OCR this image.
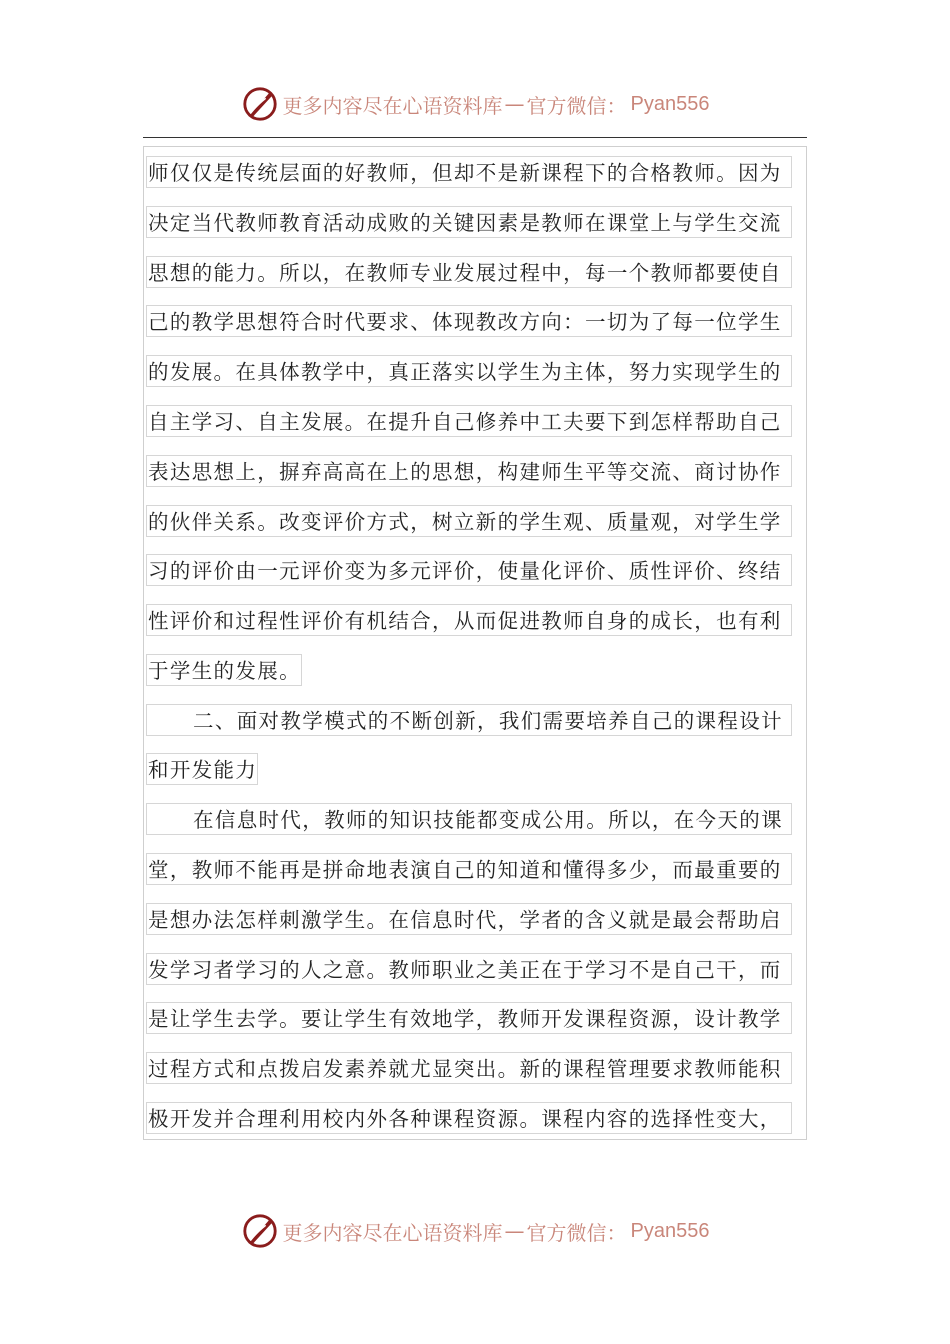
更多内容尽在心语资料库 — 官方微信： Pyan556
师仅仅是传统层面的好教师，但却不是新课程下的合格教师。因为
决定当代教师教育活动成败的关键因素是教师在课堂上与学生交流
思想的能力。所以，在教师专业发展过程中，每一个教师都要使自
己的教学思想符合时代要求、体现教改方向：一切为了每一位学生
的发展。在具体教学中，真正落实以学生为主体，努力实现学生的
自主学习、自主发展。在提升自己修养中工夫要下到怎样帮助自己
表达思想上，摒弃高高在上的思想，构建师生平等交流、商讨协作
的伙伴关系。改变评价方式，树立新的学生观、质量观，对学生学
习的评价由一元评价变为多元评价，使量化评价、质性评价、终结
性评价和过程性评价有机结合，从而促进教师自身的成长，也有利
于学生的发展。
二、面对教学模式的不断创新，我们需要培养自己的课程设计
和开发能力
在信息时代，教师的知识技能都变成公用。所以，在今天的课
堂，教师不能再是拼命地表演自己的知道和懂得多少，而最重要的
是想办法怎样刺激学生。在信息时代，学者的含义就是最会帮助启
发学习者学习的人之意。教师职业之美正在于学习不是自己干，而
是让学生去学。要让学生有效地学，教师开发课程资源，设计教学
过程方式和点拨启发素养就尤显突出。新的课程管理要求教师能积
极开发并合理利用校内外各种课程资源。课程内容的选择性变大，
更多内容尽在心语资料库 — 官方微信： Pyan556
